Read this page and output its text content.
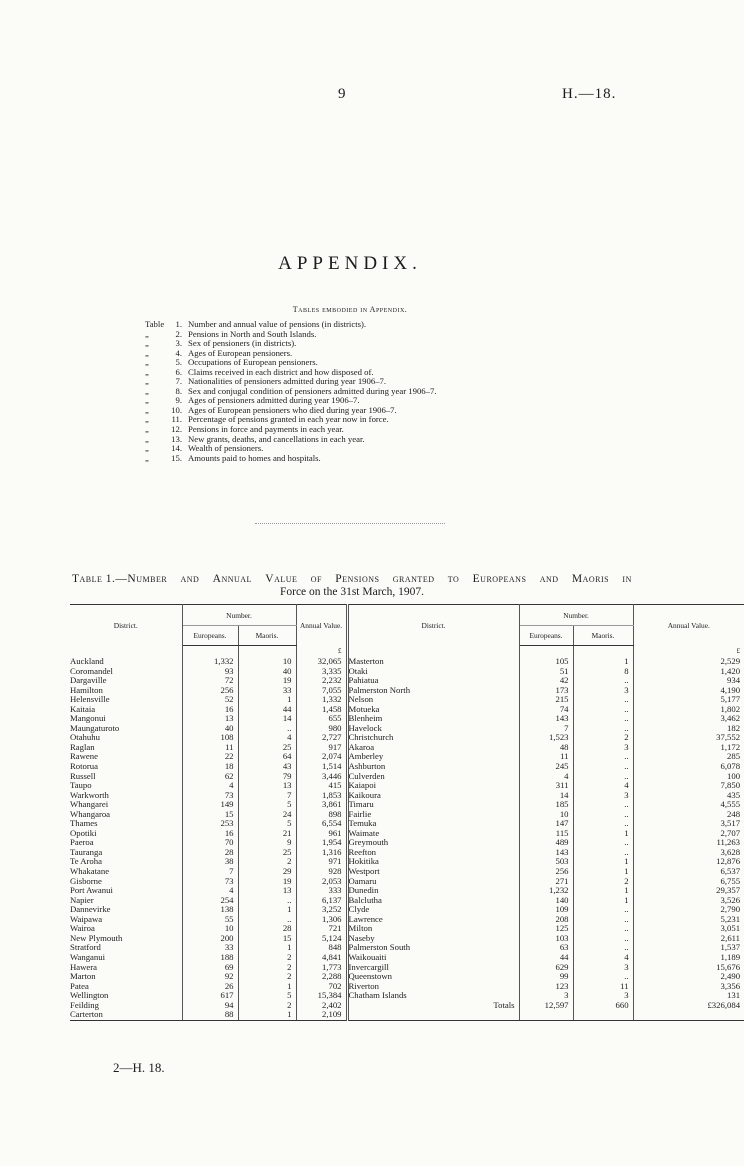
9	H.—18.
APPENDIX.
Tables embodied in Appendix.
Table	1. Number and annual value of pensions (in districts).
„	2. Pensions in North and South Islands.
„	3. Sex of pensioners (in districts).
„	4. Ages of European pensioners.
„	5. Occupations of European pensioners.
„	6. Claims received in each district and how disposed of.
„	7. Nationalities of pensioners admitted during year 1906–7.
„	8. Sex and conjugal condition of pensioners admitted during year 1906–7.
„	9. Ages of pensioners admitted during year 1906–7.
„	10. Ages of European pensioners who died during year 1906–7.
„	11. Percentage of pensions granted in each year now in force.
„	12. Pensions in force and payments in each year.
„	13. New grants, deaths, and cancellations in each year.
„	14. Wealth of pensioners.
„	15. Amounts paid to homes and hospitals.
Table 1.—Number and Annual Value of Pensions granted to Europeans and Maoris in
Force on the 31st March, 1907.
District.	Number.		Annual Value.	District.	Number.		Annual Value.
	Europeans.	Maoris.			Europeans.	Maoris.	
			£				£
Auckland	1,332	10	32,065	Masterton	105	1	2,529
Coromandel	93	40	3,335	Otaki	51	8	1,420
Dargaville	72	19	2,232	Pahiatua	42	..	934
Hamilton	256	33	7,055	Palmerston North	173	3	4,190
Helensville	52	1	1,332	Nelson	215	..	5,177
Kaitaia	16	44	1,458	Motueka	74	..	1,802
Mangonui	13	14	655	Blenheim	143	..	3,462
Maungaturoto	40	..	980	Havelock	7	..	182
Otahuhu	108	4	2,727	Christchurch	1,523	2	37,552
Raglan	11	25	917	Akaroa	48	3	1,172
Rawene	22	64	2,074	Amberley	11	..	285
Rotorua	18	43	1,514	Ashburton	245	..	6,078
Russell	62	79	3,446	Culverden	4	..	100
Taupo	4	13	415	Kaiapoi	311	4	7,850
Warkworth	73	7	1,853	Kaikoura	14	3	435
Whangarei	149	5	3,861	Timaru	185	..	4,555
Whangaroa	15	24	898	Fairlie	10	..	248
Thames	253	5	6,554	Temuka	147	..	3,517
Opotiki	16	21	961	Waimate	115	1	2,707
Paeroa	70	9	1,954	Greymouth	489	..	11,263
Tauranga	28	25	1,316	Reefton	143	..	3,628
Te Aroha	38	2	971	Hokitika	503	1	12,876
Whakatane	7	29	928	Westport	256	1	6,537
Gisborne	73	19	2,053	Oamaru	271	2	6,755
Port Awanui	4	13	333	Dunedin	1,232	1	29,357
Napier	254	..	6,137	Balclutha	140	1	3,526
Dannevirke	138	1	3,252	Clyde	109	..	2,790
Waipawa	55	..	1,306	Lawrence	208	..	5,231
Wairoa	10	28	721	Milton	125	..	3,051
New Plymouth	200	15	5,124	Naseby	103	..	2,611
Stratford	33	1	848	Palmerston South	63	..	1,537
Wanganui	188	2	4,841	Waikouaiti	44	4	1,189
Hawera	69	2	1,773	Invercargill	629	3	15,676
Marton	92	2	2,288	Queenstown	99	..	2,490
Patea	26	1	702	Riverton	123	11	3,356
Wellington	617	5	15,384	Chatham Islands	3	3	131
Feilding	94	2	2,402	Totals	12,597	660	£326,084
Carterton	88	1	2,109				
2—H. 18.
